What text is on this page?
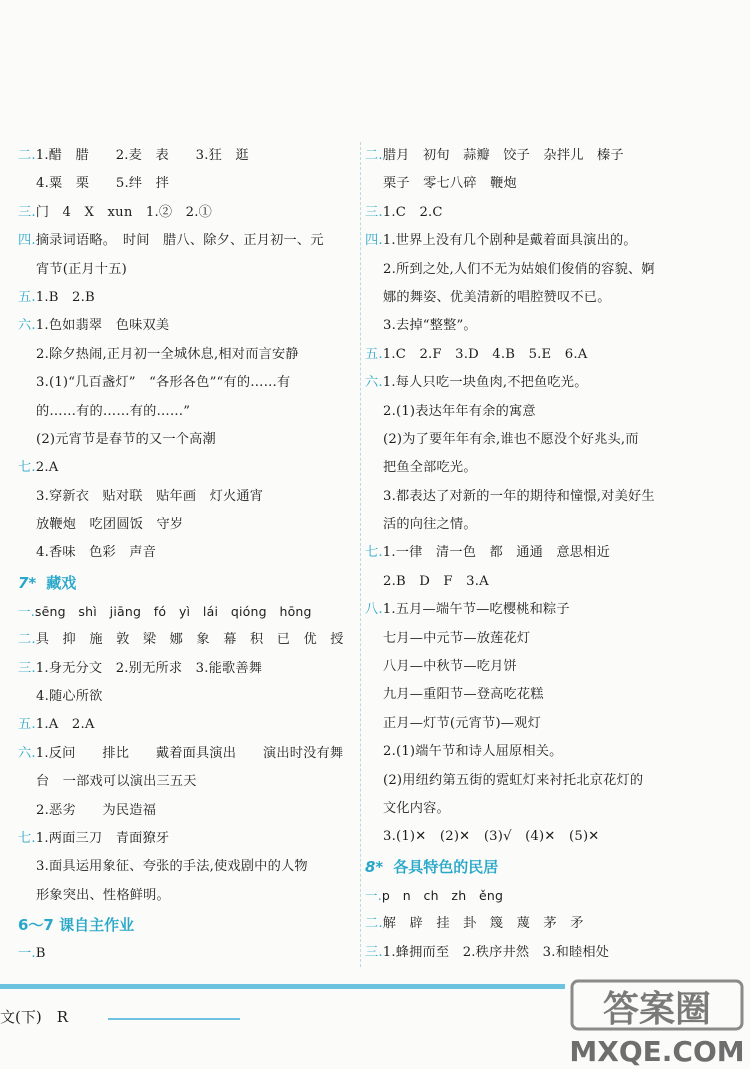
二.1.醋　腊　　2.麦　表　　3.狂　逛
4.粟　栗　　5.绊　拌
三.门　4　X　xun　1.②　2.①
四.摘录词语略。　时间　腊八、除夕、正月初一、元
宵节(正月十五)
五.1.B　2.B
六.1.色如翡翠　色味双美
2.除夕热闹,正月初一全城休息,相对而言安静
3.(1)“几百盏灯”　“各形各色”“有的……有
的……有的……有的……”
(2)元宵节是春节的又一个高潮
七.2.A
3.穿新衣　贴对联　贴年画　灯火通宵
放鞭炮　吃团圆饭　守岁
4.香味　色彩　声音
7* 藏戏
一.sēng　shì　jiāng　fó　yì　lái　qióng　hōng
二.具　抑　施　敦　梁　娜　象　幕　积　已　优　授
三.1.身无分文　2.别无所求　3.能歌善舞
4.随心所欲
五.1.A　2.A
六.1.反问　　排比　　戴着面具演出　　演出时没有舞
台　一部戏可以演出三五天
2.恶劣　　为民造福
七.1.两面三刀　青面獠牙
3.面具运用象征、夸张的手法,使戏剧中的人物
形象突出、性格鲜明。
6～7 课自主作业
一.B
二.腊月　初旬　蒜瓣　饺子　杂拌儿　榛子
栗子　零七八碎　鞭炮
三.1.C　2.C
四.1.世界上没有几个剧种是戴着面具演出的。
2.所到之处,人们不无为姑娘们俊俏的容貌、婀
娜的舞姿、优美清新的唱腔赞叹不已。
3.去掉“整整”。
五.1.C　2.F　3.D　4.B　5.E　6.A
六.1.每人只吃一块鱼肉,不把鱼吃光。
2.(1)表达年年有余的寓意
(2)为了要年年有余,谁也不愿没个好兆头,而
把鱼全部吃光。
3.都表达了对新的一年的期待和憧憬,对美好生
活的向往之情。
七.1.一律　清一色　都　通通　意思相近
2.B　D　F　3.A
八.1.五月—端午节—吃樱桃和粽子
七月—中元节—放莲花灯
八月—中秋节—吃月饼
九月—重阳节—登高吃花糕
正月—灯节(元宵节)—观灯
2.(1)端午节和诗人屈原相关。
(2)用纽约第五街的霓虹灯来衬托北京花灯的
文化内容。
3.(1)✕　(2)✕　(3)√　(4)✕　(5)✕
8* 各具特色的民居
一.p　n　ch　zh　ěng
二.解　辟　挂　卦　篾　蔑　茅　矛
三.1.蜂拥而至　2.秩序井然　3.和睦相处
文(下)　R	答案圈
MXQE.COM
